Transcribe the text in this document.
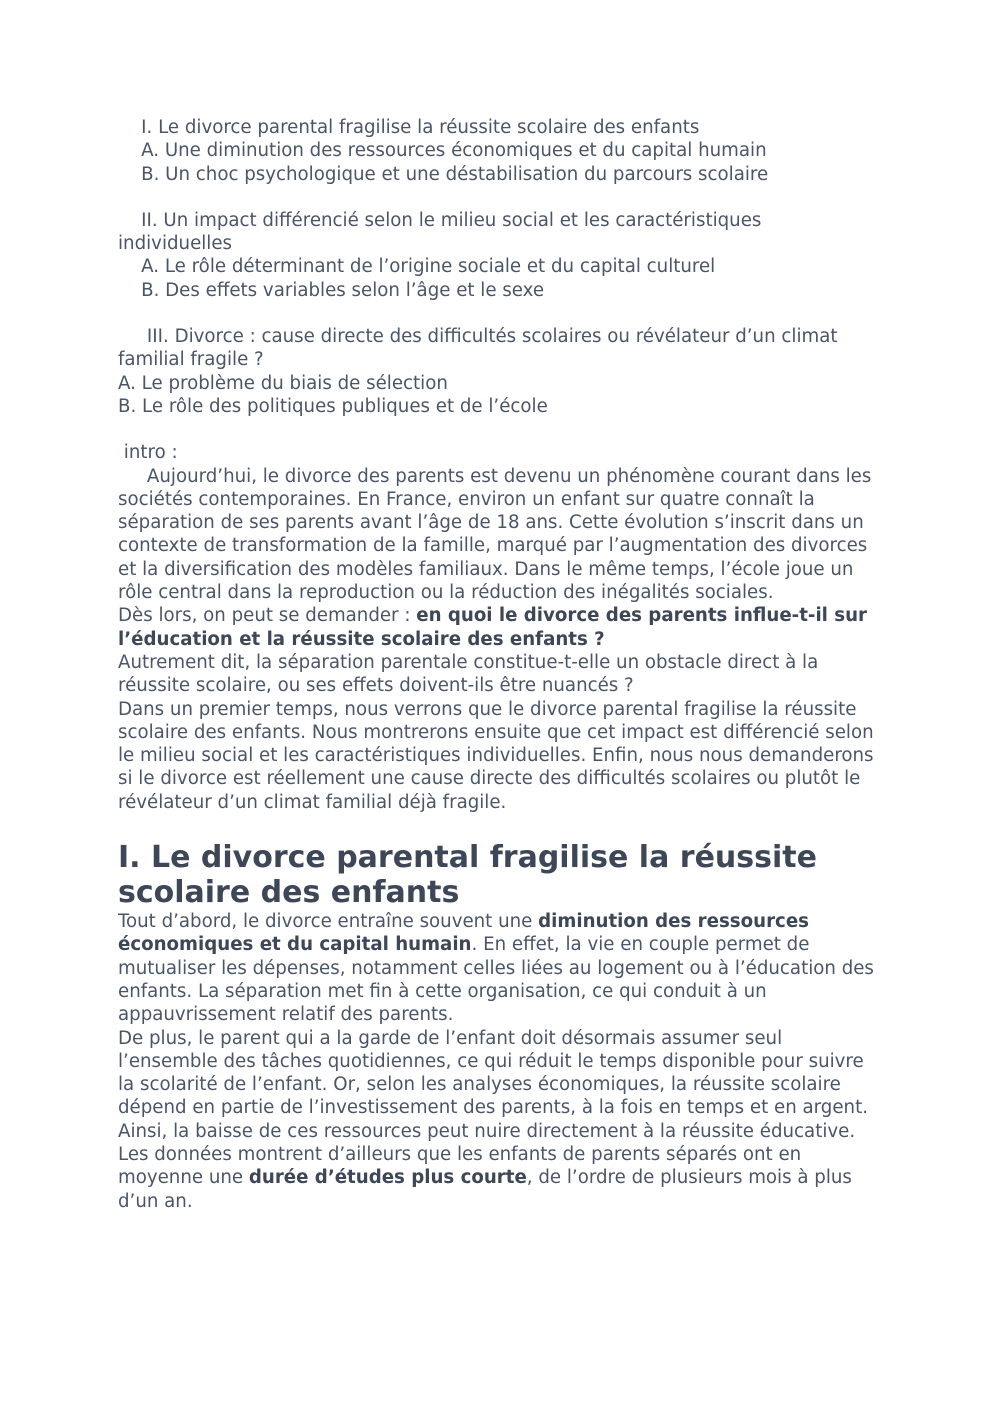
I. Le divorce parental fragilise la réussite scolaire des enfants

A. Une diminution des ressources économiques et du capital humain

B. Un choc psychologique et une déstabilisation du parcours scolaire

II. Un impact différencié selon le milieu social et les caractéristiques individuelles

A. Le rôle déterminant de l’origine sociale et du capital culturel

B. Des effets variables selon l’âge et le sexe

III. Divorce : cause directe des difficultés scolaires ou révélateur d’un climat familial fragile ?

A. Le problème du biais de sélection

B. Le rôle des politiques publiques et de l’école

intro :

Aujourd’hui, le divorce des parents est devenu un phénomène courant dans les sociétés contemporaines. En France, environ un enfant sur quatre connaît la séparation de ses parents avant l’âge de 18 ans. Cette évolution s’inscrit dans un contexte de transformation de la famille, marqué par l’augmentation des divorces et la diversification des modèles familiaux. Dans le même temps, l’école joue un rôle central dans la reproduction ou la réduction des inégalités sociales.

Dès lors, on peut se demander : en quoi le divorce des parents influe-t-il sur l’éducation et la réussite scolaire des enfants ?

Autrement dit, la séparation parentale constitue-t-elle un obstacle direct à la réussite scolaire, ou ses effets doivent-ils être nuancés ?

Dans un premier temps, nous verrons que le divorce parental fragilise la réussite scolaire des enfants. Nous montrerons ensuite que cet impact est différencié selon le milieu social et les caractéristiques individuelles. Enfin, nous nous demanderons si le divorce est réellement une cause directe des difficultés scolaires ou plutôt le révélateur d’un climat familial déjà fragile.

I. Le divorce parental fragilise la réussite scolaire des enfants

Tout d’abord, le divorce entraîne souvent une diminution des ressources économiques et du capital humain. En effet, la vie en couple permet de mutualiser les dépenses, notamment celles liées au logement ou à l’éducation des enfants. La séparation met fin à cette organisation, ce qui conduit à un appauvrissement relatif des parents.

De plus, le parent qui a la garde de l’enfant doit désormais assumer seul l’ensemble des tâches quotidiennes, ce qui réduit le temps disponible pour suivre la scolarité de l’enfant. Or, selon les analyses économiques, la réussite scolaire dépend en partie de l’investissement des parents, à la fois en temps et en argent. Ainsi, la baisse de ces ressources peut nuire directement à la réussite éducative.

Les données montrent d’ailleurs que les enfants de parents séparés ont en moyenne une durée d’études plus courte, de l’ordre de plusieurs mois à plus d’un an.
